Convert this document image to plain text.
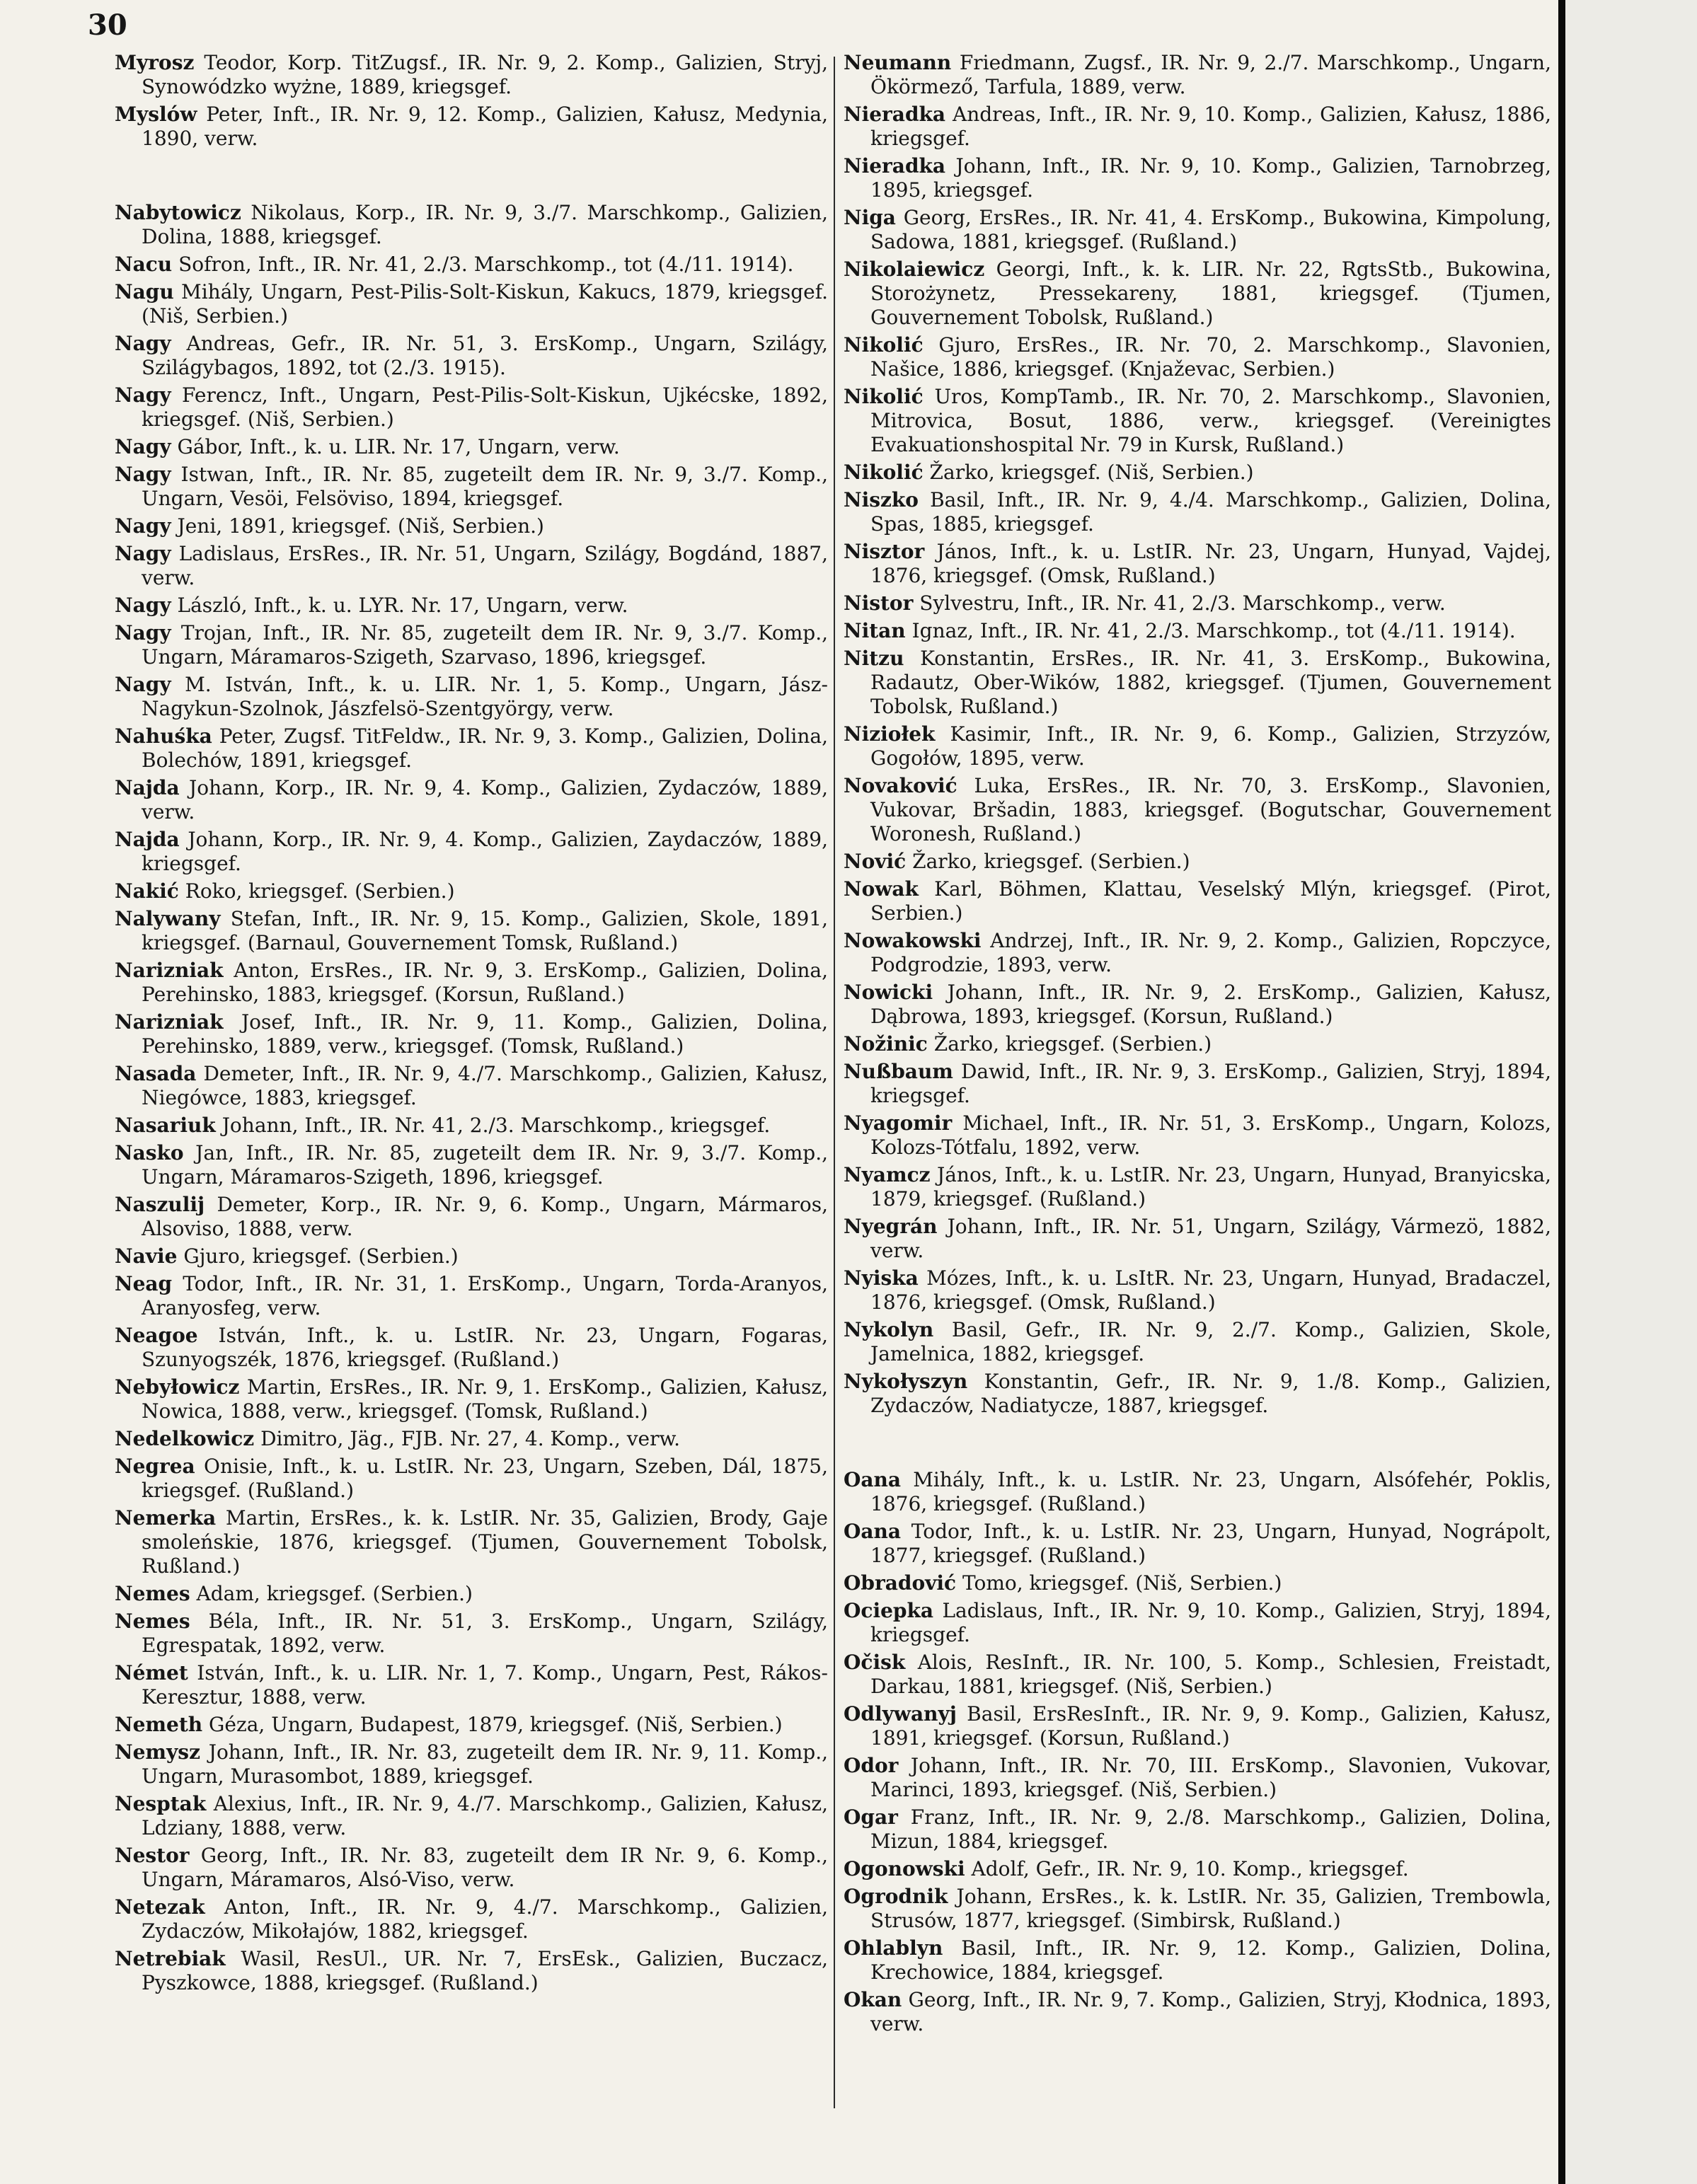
30

Myrosz Teodor, Korp. TitZugsf., IR. Nr. 9, 2. Komp., Galizien, Stryj, Synowódzko wyżne, 1889, kriegsgef.

Myslów Peter, Inft., IR. Nr. 9, 12. Komp., Galizien, Kałusz, Medynia, 1890, verw.

Nabytowicz Nikolaus, Korp., IR. Nr. 9, 3./7. Marschkomp., Galizien, Dolina, 1888, kriegsgef.

Nacu Sofron, Inft., IR. Nr. 41, 2./3. Marschkomp., tot (4./11. 1914).

Nagu Mihály, Ungarn, Pest-Pilis-Solt-Kiskun, Kakucs, 1879, kriegsgef. (Niš, Serbien.)

Nagy Andreas, Gefr., IR. Nr. 51, 3. ErsKomp., Ungarn, Szilágy, Szilágybagos, 1892, tot (2./3. 1915).

Nagy Ferencz, Inft., Ungarn, Pest-Pilis-Solt-Kiskun, Ujkécske, 1892, kriegsgef. (Niš, Serbien.)

Nagy Gábor, Inft., k. u. LIR. Nr. 17, Ungarn, verw.

Nagy Istwan, Inft., IR. Nr. 85, zugeteilt dem IR. Nr. 9, 3./7. Komp., Ungarn, Vesöi, Felsöviso, 1894, kriegsgef.

Nagy Jeni, 1891, kriegsgef. (Niš, Serbien.)

Nagy Ladislaus, ErsRes., IR. Nr. 51, Ungarn, Szilágy, Bogdánd, 1887, verw.

Nagy László, Inft., k. u. LYR. Nr. 17, Ungarn, verw.

Nagy Trojan, Inft., IR. Nr. 85, zugeteilt dem IR. Nr. 9, 3./7. Komp., Ungarn, Máramaros-Szigeth, Szarvaso, 1896, kriegsgef.

Nagy M. István, Inft., k. u. LIR. Nr. 1, 5. Komp., Ungarn, Jász-Nagykun-Szolnok, Jászfelsö-Szentgyörgy, verw.

Nahuśka Peter, Zugsf. TitFeldw., IR. Nr. 9, 3. Komp., Galizien, Dolina, Bolechów, 1891, kriegsgef.

Najda Johann, Korp., IR. Nr. 9, 4. Komp., Galizien, Zydaczów, 1889, verw.

Najda Johann, Korp., IR. Nr. 9, 4. Komp., Galizien, Zaydaczów, 1889, kriegsgef.

Nakić Roko, kriegsgef. (Serbien.)

Nalywany Stefan, Inft., IR. Nr. 9, 15. Komp., Galizien, Skole, 1891, kriegsgef. (Barnaul, Gouvernement Tomsk, Rußland.)

Narizniak Anton, ErsRes., IR. Nr. 9, 3. ErsKomp., Galizien, Dolina, Perehinsko, 1883, kriegsgef. (Korsun, Rußland.)

Narizniak Josef, Inft., IR. Nr. 9, 11. Komp., Galizien, Dolina, Perehinsko, 1889, verw., kriegsgef. (Tomsk, Rußland.)

Nasada Demeter, Inft., IR. Nr. 9, 4./7. Marschkomp., Galizien, Kałusz, Niegówce, 1883, kriegsgef.

Nasariuk Johann, Inft., IR. Nr. 41, 2./3. Marschkomp., kriegsgef.

Nasko Jan, Inft., IR. Nr. 85, zugeteilt dem IR. Nr. 9, 3./7. Komp., Ungarn, Máramaros-Szigeth, 1896, kriegsgef.

Naszulij Demeter, Korp., IR. Nr. 9, 6. Komp., Ungarn, Mármaros, Alsoviso, 1888, verw.

Navie Gjuro, kriegsgef. (Serbien.)

Neag Todor, Inft., IR. Nr. 31, 1. ErsKomp., Ungarn, Torda-Aranyos, Aranyosfeg, verw.

Neagoe István, Inft., k. u. LstIR. Nr. 23, Ungarn, Fogaras, Szunyogszék, 1876, kriegsgef. (Rußland.)

Nebyłowicz Martin, ErsRes., IR. Nr. 9, 1. ErsKomp., Galizien, Kałusz, Nowica, 1888, verw., kriegsgef. (Tomsk, Rußland.)

Nedelkowicz Dimitro, Jäg., FJB. Nr. 27, 4. Komp., verw.

Negrea Onisie, Inft., k. u. LstIR. Nr. 23, Ungarn, Szeben, Dál, 1875, kriegsgef. (Rußland.)

Nemerka Martin, ErsRes., k. k. LstIR. Nr. 35, Galizien, Brody, Gaje smoleńskie, 1876, kriegsgef. (Tjumen, Gouvernement Tobolsk, Rußland.)

Nemes Adam, kriegsgef. (Serbien.)

Nemes Béla, Inft., IR. Nr. 51, 3. ErsKomp., Ungarn, Szilágy, Egrespatak, 1892, verw.

Német István, Inft., k. u. LIR. Nr. 1, 7. Komp., Ungarn, Pest, Rákos-Keresztur, 1888, verw.

Nemeth Géza, Ungarn, Budapest, 1879, kriegsgef. (Niš, Serbien.)

Nemysz Johann, Inft., IR. Nr. 83, zugeteilt dem IR. Nr. 9, 11. Komp., Ungarn, Murasombot, 1889, kriegsgef.

Nesptak Alexius, Inft., IR. Nr. 9, 4./7. Marschkomp., Galizien, Kałusz, Ldziany, 1888, verw.

Nestor Georg, Inft., IR. Nr. 83, zugeteilt dem IR Nr. 9, 6. Komp., Ungarn, Máramaros, Alsó-Viso, verw.

Netezak Anton, Inft., IR. Nr. 9, 4./7. Marschkomp., Galizien, Zydaczów, Mikołajów, 1882, kriegsgef.

Netrebiak Wasil, ResUl., UR. Nr. 7, ErsEsk., Galizien, Buczacz, Pyszkowce, 1888, kriegsgef. (Rußland.)

Neumann Friedmann, Zugsf., IR. Nr. 9, 2./7. Marschkomp., Ungarn, Ökörmező, Tarfula, 1889, verw.

Nieradka Andreas, Inft., IR. Nr. 9, 10. Komp., Galizien, Kałusz, 1886, kriegsgef.

Nieradka Johann, Inft., IR. Nr. 9, 10. Komp., Galizien, Tarnobrzeg, 1895, kriegsgef.

Niga Georg, ErsRes., IR. Nr. 41, 4. ErsKomp., Bukowina, Kimpolung, Sadowa, 1881, kriegsgef. (Rußland.)

Nikolaiewicz Georgi, Inft., k. k. LIR. Nr. 22, RgtsStb., Bukowina, Storożynetz, Pressekareny, 1881, kriegsgef. (Tjumen, Gouvernement Tobolsk, Rußland.)

Nikolić Gjuro, ErsRes., IR. Nr. 70, 2. Marschkomp., Slavonien, Našice, 1886, kriegsgef. (Knjaževac, Serbien.)

Nikolić Uros, KompTamb., IR. Nr. 70, 2. Marschkomp., Slavonien, Mitrovica, Bosut, 1886, verw., kriegsgef. (Vereinigtes Evakuationshospital Nr. 79 in Kursk, Rußland.)

Nikolić Žarko, kriegsgef. (Niš, Serbien.)

Niszko Basil, Inft., IR. Nr. 9, 4./4. Marschkomp., Galizien, Dolina, Spas, 1885, kriegsgef.

Nisztor János, Inft., k. u. LstIR. Nr. 23, Ungarn, Hunyad, Vajdej, 1876, kriegsgef. (Omsk, Rußland.)

Nistor Sylvestru, Inft., IR. Nr. 41, 2./3. Marschkomp., verw.

Nitan Ignaz, Inft., IR. Nr. 41, 2./3. Marschkomp., tot (4./11. 1914).

Nitzu Konstantin, ErsRes., IR. Nr. 41, 3. ErsKomp., Bukowina, Radautz, Ober-Wików, 1882, kriegsgef. (Tjumen, Gouvernement Tobolsk, Rußland.)

Niziołek Kasimir, Inft., IR. Nr. 9, 6. Komp., Galizien, Strzyzów, Gogołów, 1895, verw.

Novaković Luka, ErsRes., IR. Nr. 70, 3. ErsKomp., Slavonien, Vukovar, Bršadin, 1883, kriegsgef. (Bogutschar, Gouvernement Woronesh, Rußland.)

Nović Žarko, kriegsgef. (Serbien.)

Nowak Karl, Böhmen, Klattau, Veselský Mlýn, kriegsgef. (Pirot, Serbien.)

Nowakowski Andrzej, Inft., IR. Nr. 9, 2. Komp., Galizien, Ropczyce, Podgrodzie, 1893, verw.

Nowicki Johann, Inft., IR. Nr. 9, 2. ErsKomp., Galizien, Kałusz, Dąbrowa, 1893, kriegsgef. (Korsun, Rußland.)

Nožinic Žarko, kriegsgef. (Serbien.)

Nußbaum Dawid, Inft., IR. Nr. 9, 3. ErsKomp., Galizien, Stryj, 1894, kriegsgef.

Nyagomir Michael, Inft., IR. Nr. 51, 3. ErsKomp., Ungarn, Kolozs, Kolozs-Tótfalu, 1892, verw.

Nyamcz János, Inft., k. u. LstIR. Nr. 23, Ungarn, Hunyad, Branyicska, 1879, kriegsgef. (Rußland.)

Nyegrán Johann, Inft., IR. Nr. 51, Ungarn, Szilágy, Vármezö, 1882, verw.

Nyiska Mózes, Inft., k. u. LsItR. Nr. 23, Ungarn, Hunyad, Bradaczel, 1876, kriegsgef. (Omsk, Rußland.)

Nykolyn Basil, Gefr., IR. Nr. 9, 2./7. Komp., Galizien, Skole, Jamelnica, 1882, kriegsgef.

Nykołyszyn Konstantin, Gefr., IR. Nr. 9, 1./8. Komp., Galizien, Zydaczów, Nadiatycze, 1887, kriegsgef.

Oana Mihály, Inft., k. u. LstIR. Nr. 23, Ungarn, Alsófehér, Poklis, 1876, kriegsgef. (Rußland.)

Oana Todor, Inft., k. u. LstIR. Nr. 23, Ungarn, Hunyad, Nográpolt, 1877, kriegsgef. (Rußland.)

Obradović Tomo, kriegsgef. (Niš, Serbien.)

Ociepka Ladislaus, Inft., IR. Nr. 9, 10. Komp., Galizien, Stryj, 1894, kriegsgef.

Očisk Alois, ResInft., IR. Nr. 100, 5. Komp., Schlesien, Freistadt, Darkau, 1881, kriegsgef. (Niš, Serbien.)

Odlywanyj Basil, ErsResInft., IR. Nr. 9, 9. Komp., Galizien, Kałusz, 1891, kriegsgef. (Korsun, Rußland.)

Odor Johann, Inft., IR. Nr. 70, III. ErsKomp., Slavonien, Vukovar, Marinci, 1893, kriegsgef. (Niš, Serbien.)

Ogar Franz, Inft., IR. Nr. 9, 2./8. Marschkomp., Galizien, Dolina, Mizun, 1884, kriegsgef.

Ogonowski Adolf, Gefr., IR. Nr. 9, 10. Komp., kriegsgef.

Ogrodnik Johann, ErsRes., k. k. LstIR. Nr. 35, Galizien, Trembowla, Strusów, 1877, kriegsgef. (Simbirsk, Rußland.)

Ohlablyn Basil, Inft., IR. Nr. 9, 12. Komp., Galizien, Dolina, Krechowice, 1884, kriegsgef.

Okan Georg, Inft., IR. Nr. 9, 7. Komp., Galizien, Stryj, Kłodnica, 1893, verw.
